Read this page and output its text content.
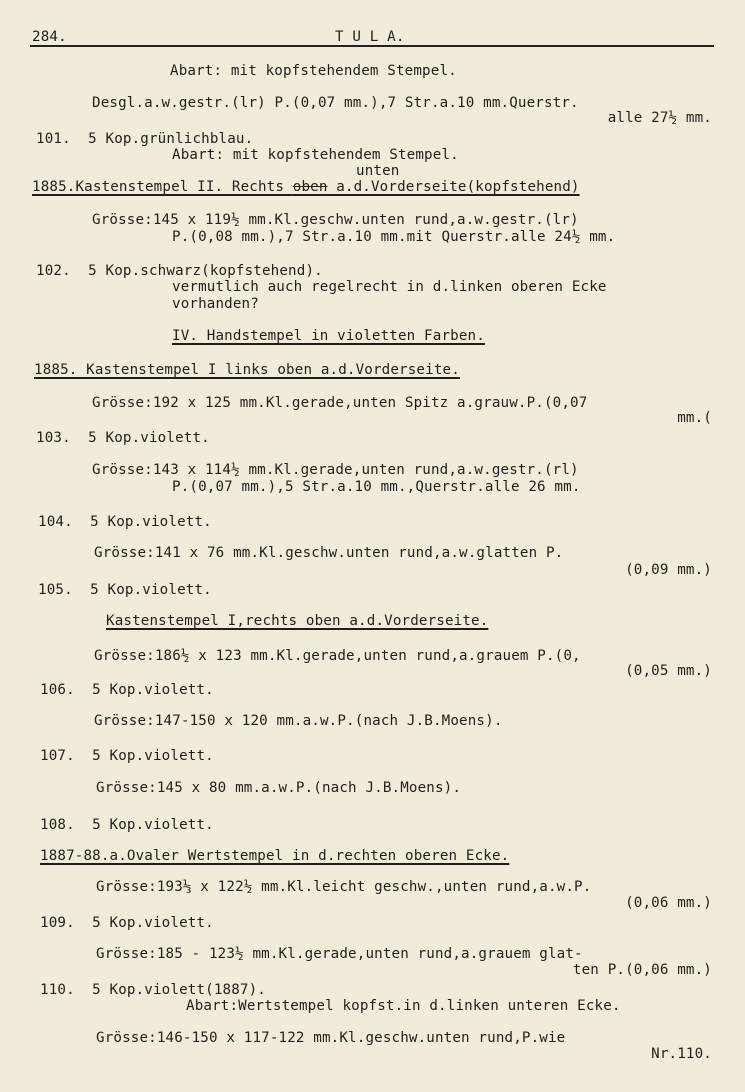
284.	T U L A.
Abart: mit kopfstehendem Stempel.
Desgl.a.w.gestr.(lr) P.(0,07 mm.),7 Str.a.10 mm.Querstr.
alle 27½ mm.
101.  5 Kop.grünlichblau.
Abart: mit kopfstehendem Stempel.
unten
1885.Kastenstempel II. Rechts oben a.d.Vorderseite(kopfstehend)
Grösse:145 x 119½ mm.Kl.geschw.unten rund,a.w.gestr.(lr)
P.(0,08 mm.),7 Str.a.10 mm.mit Querstr.alle 24½ mm.
102.  5 Kop.schwarz(kopfstehend).
vermutlich auch regelrecht in d.linken oberen Ecke
vorhanden?
IV. Handstempel in violetten Farben.
1885. Kastenstempel I links oben a.d.Vorderseite.
Grösse:192 x 125 mm.Kl.gerade,unten Spitz a.grauw.P.(0,07
mm.(
103.  5 Kop.violett.
Grösse:143 x 114½ mm.Kl.gerade,unten rund,a.w.gestr.(rl)
P.(0,07 mm.),5 Str.a.10 mm.,Querstr.alle 26 mm.
104.  5 Kop.violett.
Grösse:141 x 76 mm.Kl.geschw.unten rund,a.w.glatten P.
(0,09 mm.)
105.  5 Kop.violett.
Kastenstempel I,rechts oben a.d.Vorderseite.
Grösse:186½ x 123 mm.Kl.gerade,unten rund,a.grauem P.(0,
(0,05 mm.)
106.  5 Kop.violett.
Grösse:147-150 x 120 mm.a.w.P.(nach J.B.Moens).
107.  5 Kop.violett.
Grösse:145 x 80 mm.a.w.P.(nach J.B.Moens).
108.  5 Kop.violett.
1887-88.a.Ovaler Wertstempel in d.rechten oberen Ecke.
Grösse:193⅓ x 122½ mm.Kl.leicht geschw.,unten rund,a.w.P.
(0,06 mm.)
109.  5 Kop.violett.
Grösse:185 - 123½ mm.Kl.gerade,unten rund,a.grauem glat-
ten P.(0,06 mm.)
110.  5 Kop.violett(1887).
Abart:Wertstempel kopfst.in d.linken unteren Ecke.
Grösse:146-150 x 117-122 mm.Kl.geschw.unten rund,P.wie
Nr.110.
